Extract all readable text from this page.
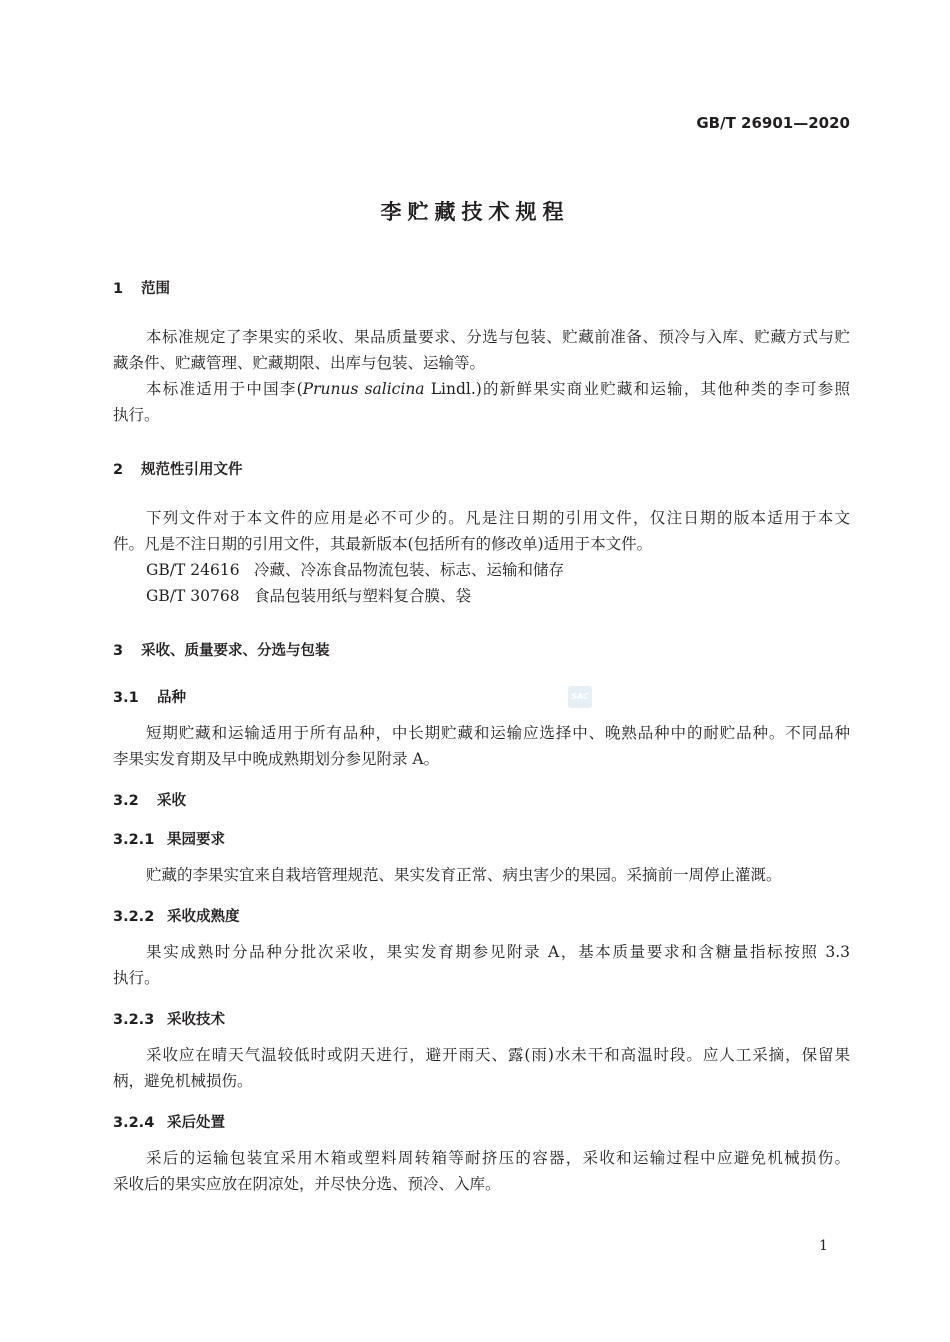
GB/T 26901—2020
李贮藏技术规程
1 范围
本标准规定了李果实的采收、果品质量要求、分选与包装、贮藏前准备、预冷与入库、贮藏方式与贮
藏条件、贮藏管理、贮藏期限、出库与包装、运输等。
本标准适用于中国李(Prunus salicina Lindl.)的新鲜果实商业贮藏和运输，其他种类的李可参照
执行。
2 规范性引用文件
下列文件对于本文件的应用是必不可少的。凡是注日期的引用文件，仅注日期的版本适用于本文
件。凡是不注日期的引用文件，其最新版本(包括所有的修改单)适用于本文件。
GB/T 24616 冷藏、冷冻食品物流包装、标志、运输和储存
GB/T 30768 食品包装用纸与塑料复合膜、袋
3 采收、质量要求、分选与包装
3.1 品种	SAC
短期贮藏和运输适用于所有品种，中长期贮藏和运输应选择中、晚熟品种中的耐贮品种。不同品种
李果实发育期及早中晚成熟期划分参见附录 A。
3.2 采收
3.2.1 果园要求
贮藏的李果实宜来自栽培管理规范、果实发育正常、病虫害少的果园。采摘前一周停止灌溉。
3.2.2 采收成熟度
果实成熟时分品种分批次采收，果实发育期参见附录 A，基本质量要求和含糖量指标按照 3.3
执行。
3.2.3 采收技术
采收应在晴天气温较低时或阴天进行，避开雨天、露(雨)水未干和高温时段。应人工采摘，保留果
柄，避免机械损伤。
3.2.4 采后处置
采后的运输包装宜采用木箱或塑料周转箱等耐挤压的容器，采收和运输过程中应避免机械损伤。
采收后的果实应放在阴凉处，并尽快分选、预冷、入库。
1
